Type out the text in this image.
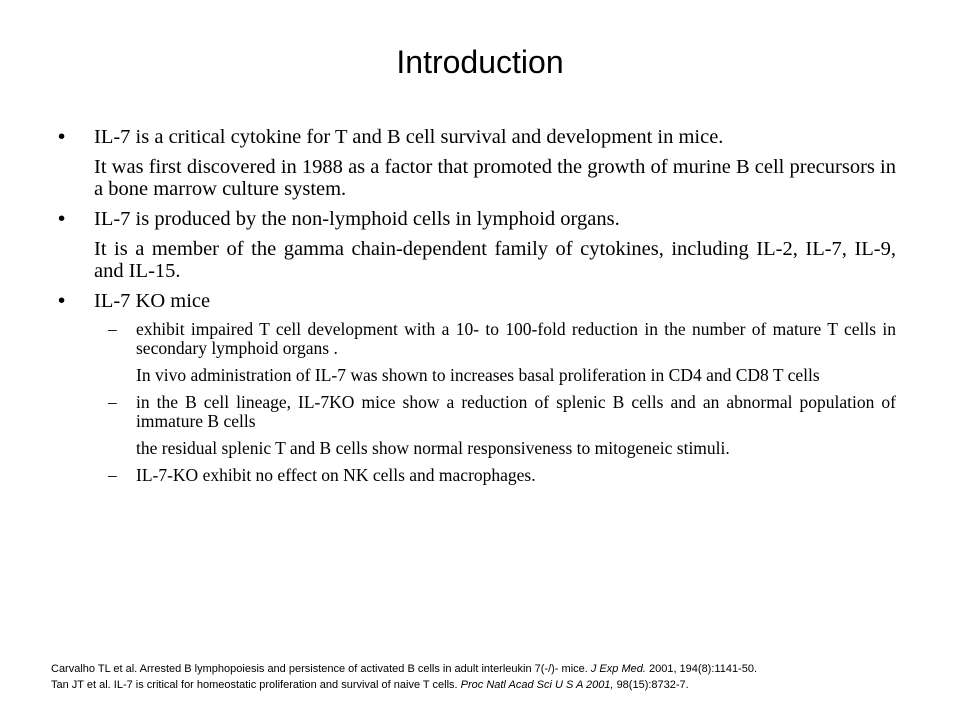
Introduction
• IL-7 is a critical cytokine for T and B cell survival and development in mice.
It was first discovered in 1988 as a factor that promoted the growth of murine B cell precursors in a bone marrow culture system.
• IL-7 is produced by the non-lymphoid cells in lymphoid organs.
It is a member of the gamma chain-dependent family of cytokines, including IL-2, IL-7, IL-9, and IL-15.
• IL-7 KO mice
– exhibit impaired T cell development with a 10- to 100-fold reduction in the number of mature T cells in secondary lymphoid organs .
In vivo administration of IL-7 was shown to increases basal proliferation in CD4 and CD8 T cells
– in the B cell lineage, IL-7KO mice show a reduction of splenic B cells and an abnormal population of immature B cells
the residual splenic T and B cells show normal responsiveness to mitogeneic stimuli.
– IL-7-KO exhibit no effect on NK cells and macrophages.
Carvalho TL et al. Arrested B lymphopoiesis and persistence of activated B cells in adult interleukin 7(-/)- mice. J Exp Med. 2001, 194(8):1141-50.
Tan JT et al. IL-7 is critical for homeostatic proliferation and survival of naive T cells. Proc Natl Acad Sci U S A 2001, 98(15):8732-7.
